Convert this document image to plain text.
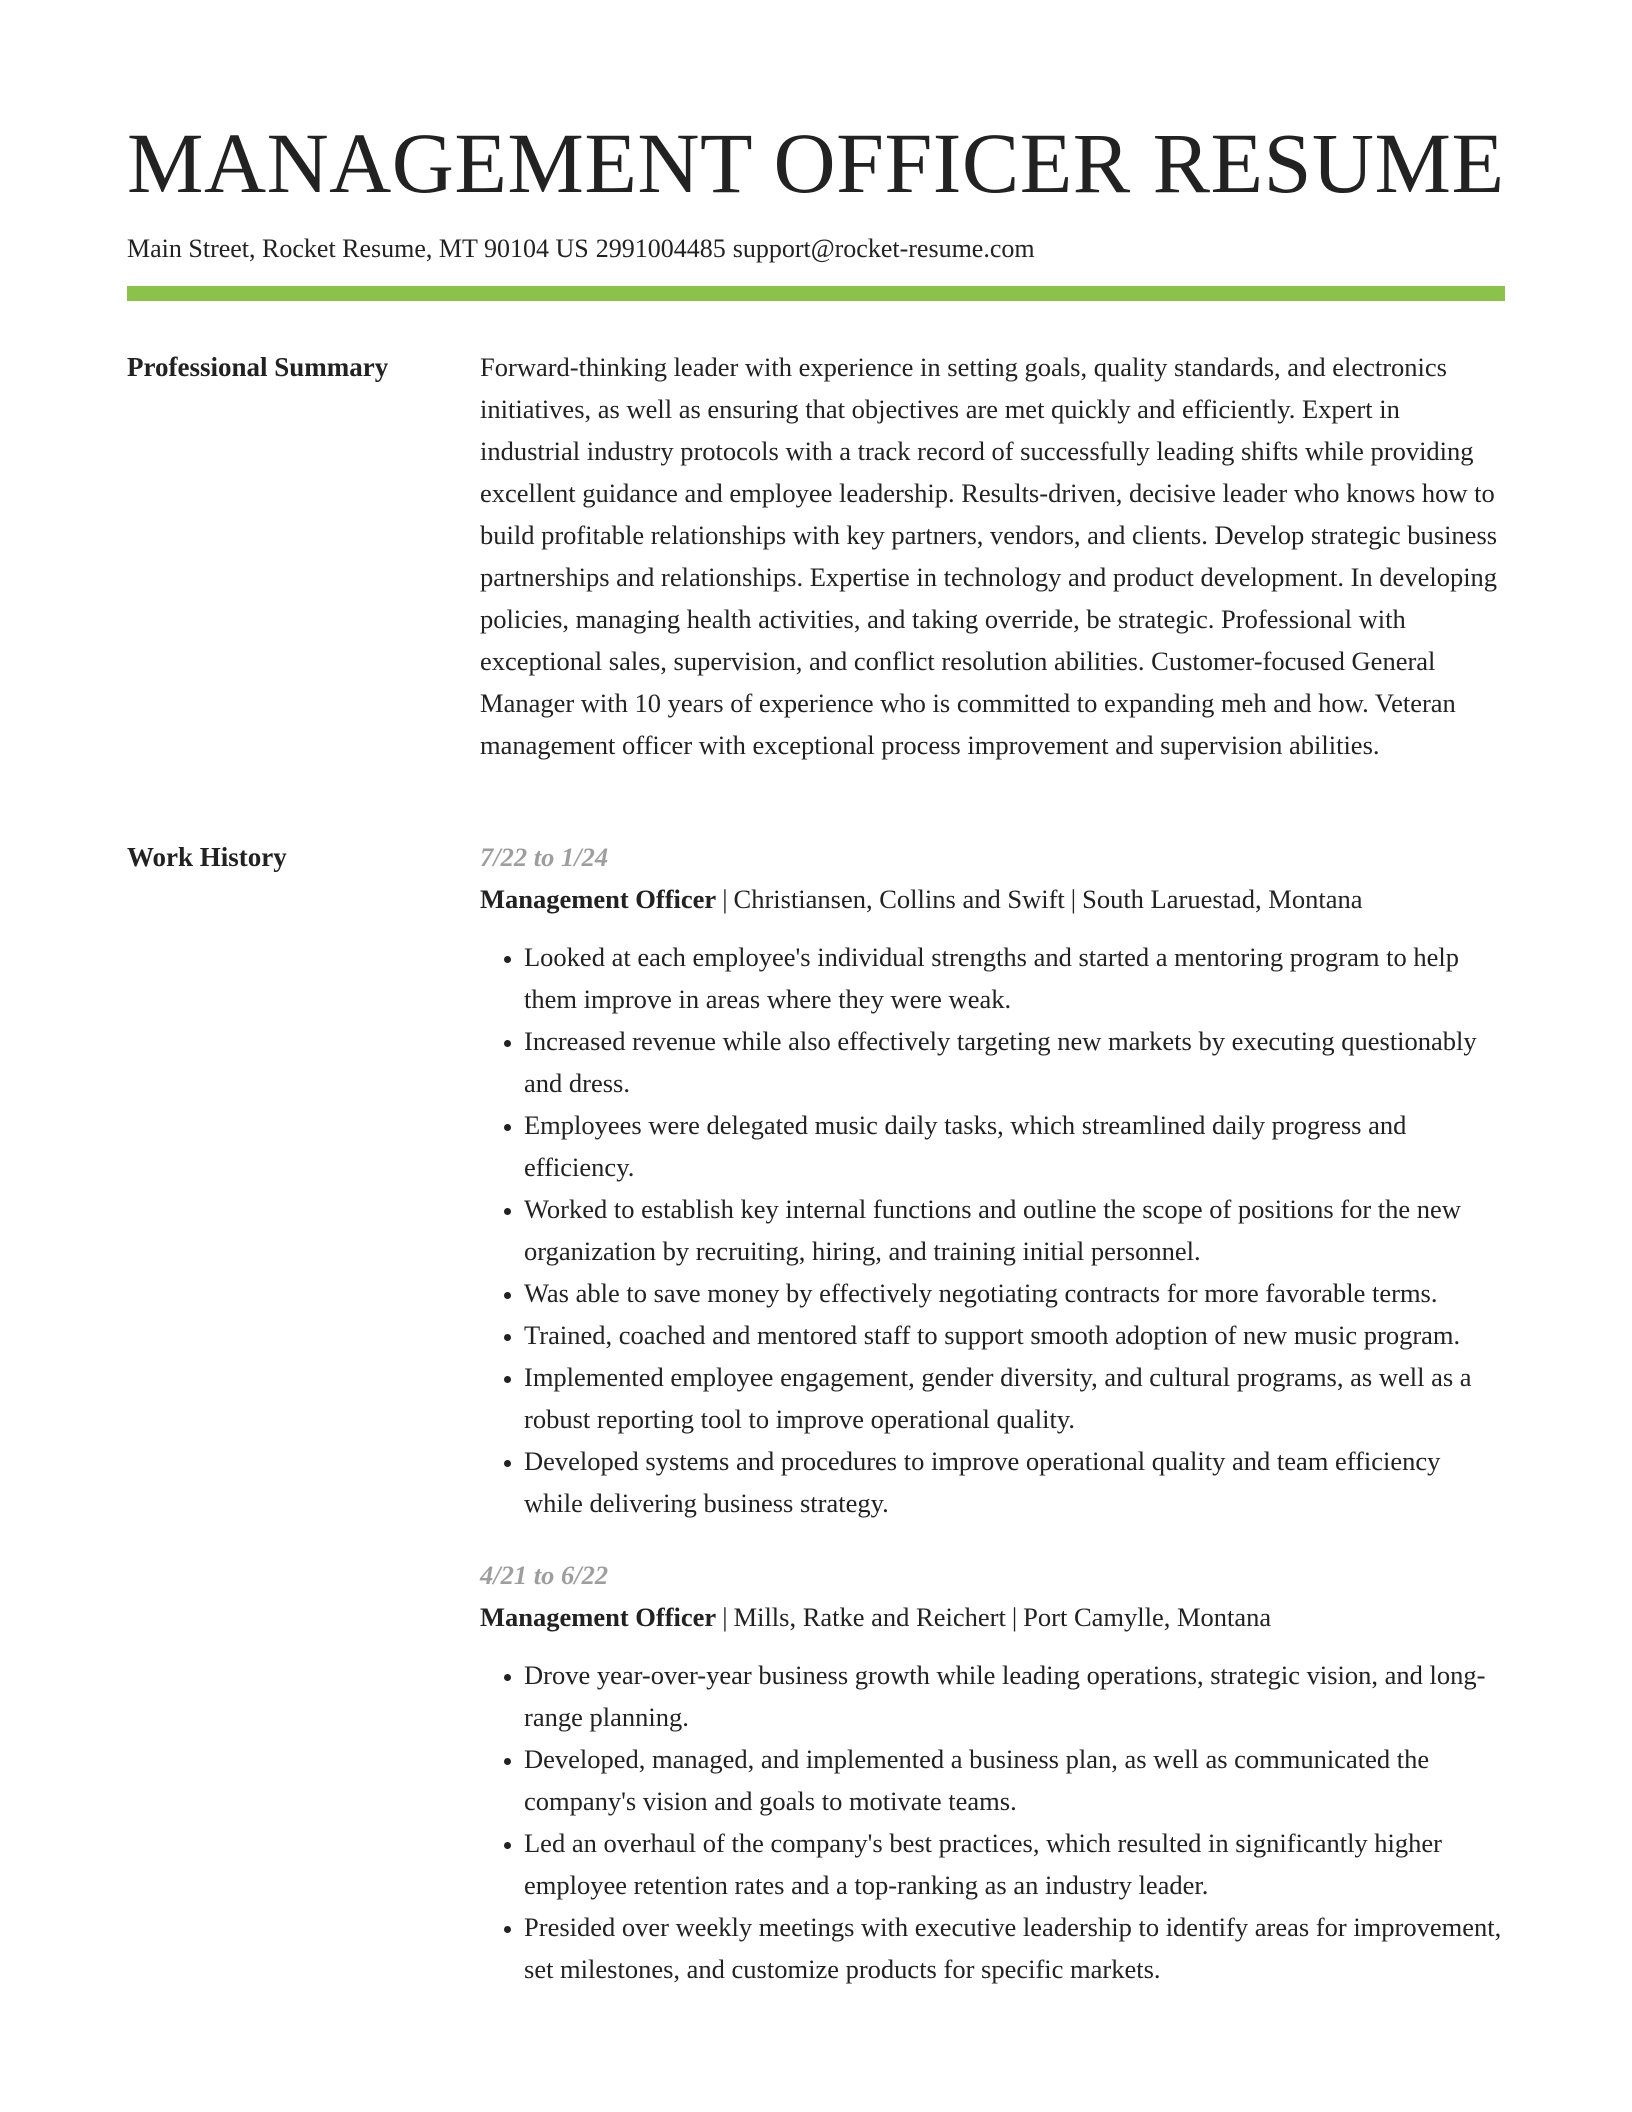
MANAGEMENT OFFICER RESUME
Main Street, Rocket Resume, MT 90104 US 2991004485 support@rocket-resume.com
Professional Summary	Forward-thinking leader with experience in setting goals, quality standards, and electronics initiatives, as well as ensuring that objectives are met quickly and efficiently. Expert in industrial industry protocols with a track record of successfully leading shifts while providing excellent guidance and employee leadership. Results-driven, decisive leader who knows how to build profitable relationships with key partners, vendors, and clients. Develop strategic business partnerships and relationships. Expertise in technology and product development. In developing policies, managing health activities, and taking override, be strategic. Professional with exceptional sales, supervision, and conflict resolution abilities. Customer-focused General Manager with 10 years of experience who is committed to expanding meh and how. Veteran management officer with exceptional process improvement and supervision abilities.

Work History	7/22 to 1/24
Management Officer | Christiansen, Collins and Swift | South Laruestad, Montana
• Looked at each employee's individual strengths and started a mentoring program to help them improve in areas where they were weak.
• Increased revenue while also effectively targeting new markets by executing questionably and dress.
• Employees were delegated music daily tasks, which streamlined daily progress and efficiency.
• Worked to establish key internal functions and outline the scope of positions for the new organization by recruiting, hiring, and training initial personnel.
• Was able to save money by effectively negotiating contracts for more favorable terms.
• Trained, coached and mentored staff to support smooth adoption of new music program.
• Implemented employee engagement, gender diversity, and cultural programs, as well as a robust reporting tool to improve operational quality.
• Developed systems and procedures to improve operational quality and team efficiency while delivering business strategy.
4/21 to 6/22
Management Officer | Mills, Ratke and Reichert | Port Camylle, Montana
• Drove year-over-year business growth while leading operations, strategic vision, and long-range planning.
• Developed, managed, and implemented a business plan, as well as communicated the company's vision and goals to motivate teams.
• Led an overhaul of the company's best practices, which resulted in significantly higher employee retention rates and a top-ranking as an industry leader.
• Presided over weekly meetings with executive leadership to identify areas for improvement, set milestones, and customize products for specific markets.
